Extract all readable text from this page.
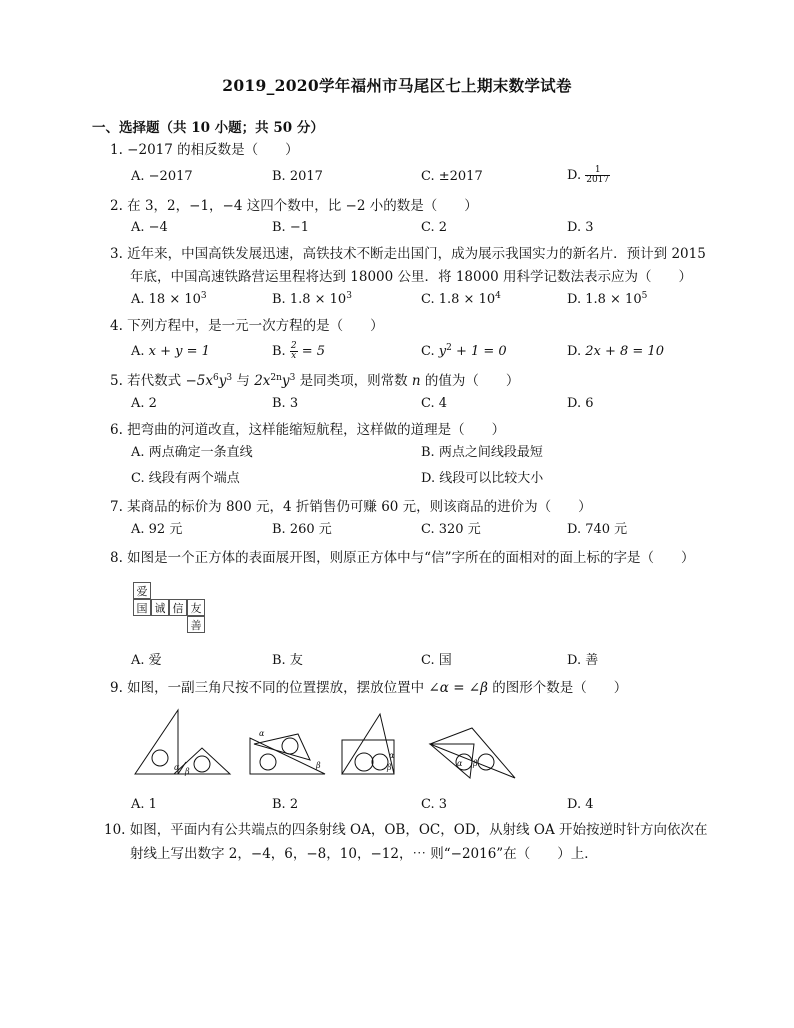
2019_2020学年福州市马尾区七上期末数学试卷
一、选择题（共 10 小题；共 50 分）
1. −2017 的相反数是（　　）
A. −2017	B. 2017	C. ±2017	D. $\frac{1}{2017}$
2. 在 3，2，−1，−4 这四个数中，比 −2 小的数是（　　）
A. −4	B. −1	C. 2	D. 3
3. 近年来，中国高铁发展迅速，高铁技术不断走出国门，成为展示我国实力的新名片．预计到 2015
年底，中国高速铁路营运里程将达到 18000 公里．将 18000 用科学记数法表示应为（　　）
A. $18 \times 10^3$	B. $1.8 \times 10^3$	C. $1.8 \times 10^4$	D. $1.8 \times 10^5$
4. 下列方程中，是一元一次方程的是（　　）
A. x + y = 1	B. $\frac{2}{x} = 5$	C. $y^2 + 1 = 0$	D. 2x + 8 = 10
5. 若代数式 $-5x^6y^3$ 与 $2x^{2n}y^3$ 是同类项，则常数 n 的值为（　　）
A. 2	B. 3	C. 4	D. 6
6. 把弯曲的河道改直，这样能缩短航程，这样做的道理是（　　）
A. 两点确定一条直线	B. 两点之间线段最短
C. 线段有两个端点	D. 线段可以比较大小
7. 某商品的标价为 800 元，4 折销售仍可赚 60 元，则该商品的进价为（　　）
A. 92 元	B. 260 元	C. 320 元	D. 740 元
8. 如图是一个正方体的表面展开图，则原正方体中与“信”字所在的面相对的面上标的字是（　　）
爱
国 诚 信 友
善
A. 爱	B. 友	C. 国	D. 善
9. 如图，一副三角尺按不同的位置摆放，摆放位置中 ∠α = ∠β 的图形个数是（　　）
α β
α
β
α
β	α β
A. 1	B. 2	C. 3	D. 4
10. 如图，平面内有公共端点的四条射线 OA，OB，OC，OD，从射线 OA 开始按逆时针方向依次在
射线上写出数字 2，−4，6，−8，10，−12，⋯ 则“−2016”在（　　）上．
